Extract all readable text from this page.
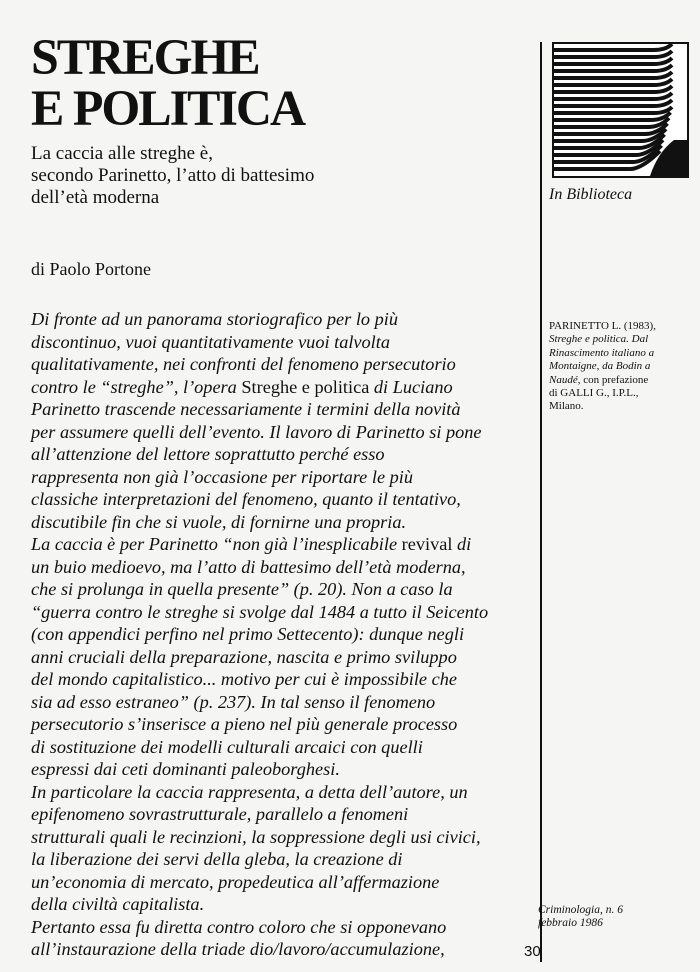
STREGHE
E POLITICA
La caccia alle streghe è,
secondo Parinetto, l’atto di battesimo
dell’età moderna
di Paolo Portone
Di fronte ad un panorama storiografico per lo più
discontinuo, vuoi quantitativamente vuoi talvolta
qualitativamente, nei confronti del fenomeno persecutorio
contro le “streghe”, l’opera Streghe e politica di Luciano
Parinetto trascende necessariamente i termini della novità
per assumere quelli dell’evento. Il lavoro di Parinetto si pone
all’attenzione del lettore soprattutto perché esso
rappresenta non già l’occasione per riportare le più
classiche interpretazioni del fenomeno, quanto il tentativo,
discutibile fin che si vuole, di fornirne una propria.
La caccia è per Parinetto “non già l’inesplicabile revival di
un buio medioevo, ma l’atto di battesimo dell’età moderna,
che si prolunga in quella presente” (p. 20). Non a caso la
“guerra contro le streghe si svolge dal 1484 a tutto il Seicento
(con appendici perfino nel primo Settecento): dunque negli
anni cruciali della preparazione, nascita e primo sviluppo
del mondo capitalistico... motivo per cui è impossibile che
sia ad esso estraneo” (p. 237). In tal senso il fenomeno
persecutorio s’inserisce a pieno nel più generale processo
di sostituzione dei modelli culturali arcaici con quelli
espressi dai ceti dominanti paleoborghesi.
In particolare la caccia rappresenta, a detta dell’autore, un
epifenomeno sovrastrutturale, parallelo a fenomeni
strutturali quali le recinzioni, la soppressione degli usi civici,
la liberazione dei servi della gleba, la creazione di
un’economia di mercato, propedeutica all’affermazione
della civiltà capitalista.
Pertanto essa fu diretta contro coloro che si opponevano
all’instaurazione della triade dio/lavoro/accumulazione,
In Biblioteca
PARINETTO L. (1983),
Streghe e politica. Dal
Rinascimento italiano a
Montaigne, da Bodin a
Naudé, con prefazione
di GALLI G., I.P.L.,
Milano.
Criminologia, n. 6
febbraio 1986
30
